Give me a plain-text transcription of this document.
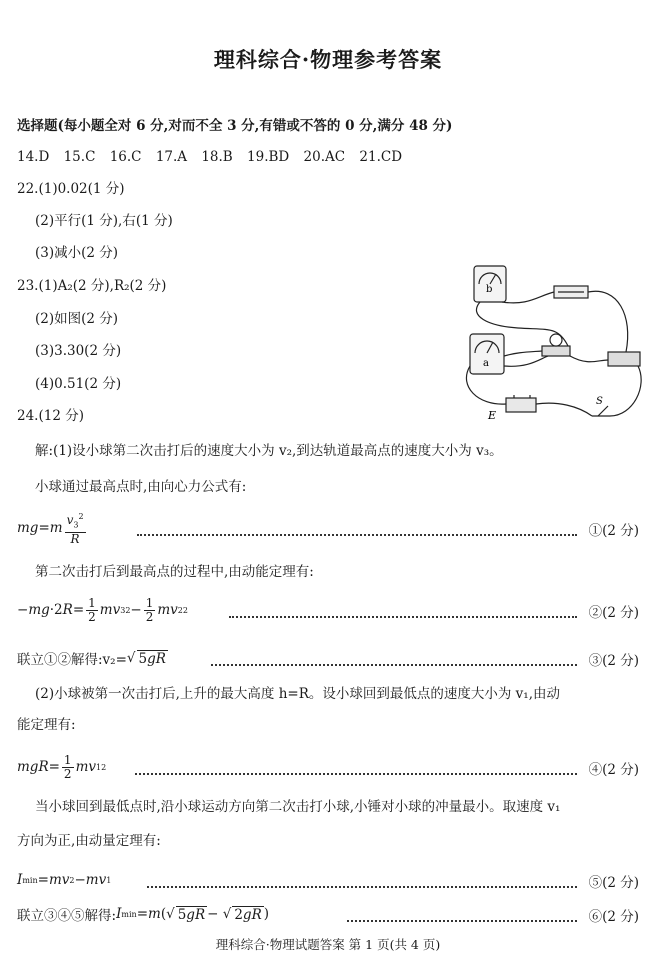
理科综合·物理参考答案
选择题(每小题全对 6 分,对而不全 3 分,有错或不答的 0 分,满分 48 分)
14.D 15.C 16.C 17.A 18.B 19.BD 20.AC 21.CD
22.(1)0.02(1 分)
(2)平行(1 分),右(1 分)
(3)减小(2 分)
23.(1)A₂(2 分),R₂(2 分)
(2)如图(2 分)
(3)3.30(2 分)
(4)0.51(2 分)
b
a
E
S
24.(12 分)
解:(1)设小球第二次击打后的速度大小为 v₂,到达轨道最高点的速度大小为 v₃。
小球通过最高点时,由向心力公式有:
mg = m $\frac{v_3^2}{R}$	①(2 分)
第二次击打后到最高点的过程中,由动能定理有:
− mg ·2 $R = \frac{1}{2}$ mv 3 $2 - \frac{1}{2}$ mv 2 2	②(2 分)
联立①②解得:v₂= √ 5gR	③(2 分)
(2)小球被第一次击打后,上升的最大高度 h=R。设小球回到最低点的速度大小为 v₁,由动
能定理有:
mgR = $\frac{1}{2}$ mv 1 2	④(2 分)
当小球回到最低点时,沿小球运动方向第二次击打小球,小锤对小球的冲量最小。取速度 v₁
方向为正,由动量定理有:
I min = mv 2 − mv 1	⑤(2 分)
联立③④⑤解得: I min = m (√ 5gR − √ 2gR )	⑥(2 分)
理科综合·物理试题答案 第 1 页(共 4 页)
